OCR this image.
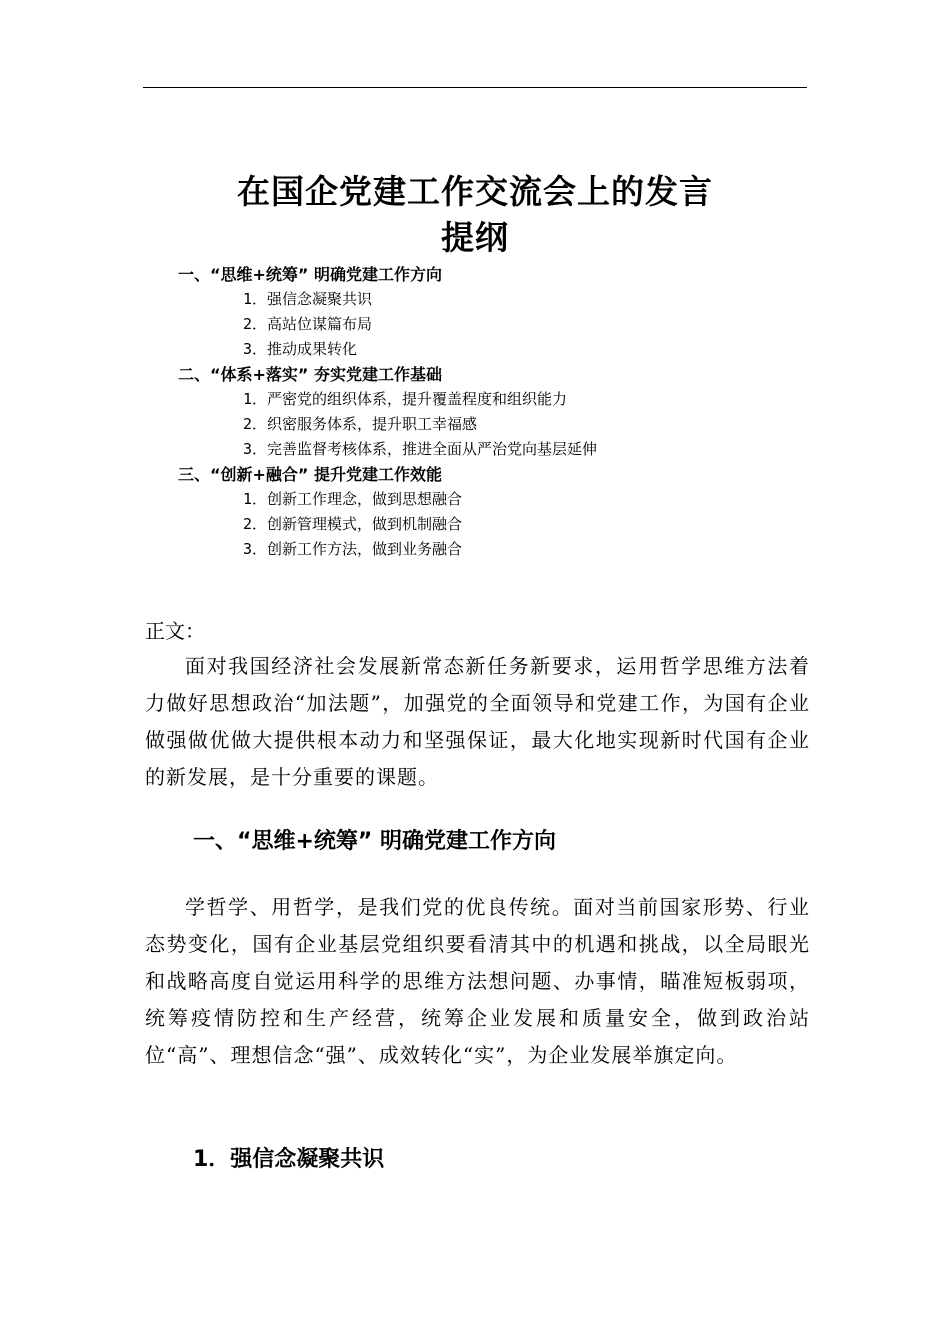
在国企党建工作交流会上的发言
提纲
一、“思维+统筹” 明确党建工作方向
1．强信念凝聚共识
2．高站位谋篇布局
3．推动成果转化
二、“体系+落实” 夯实党建工作基础
1．严密党的组织体系，提升覆盖程度和组织能力
2．织密服务体系，提升职工幸福感
3．完善监督考核体系，推进全面从严治党向基层延伸
三、“创新+融合” 提升党建工作效能
1．创新工作理念，做到思想融合
2．创新管理模式，做到机制融合
3．创新工作方法，做到业务融合
正文：

面对我国经济社会发展新常态新任务新要求，运用哲学思维方法着力做好思想政治“加法题”，加强党的全面领导和党建工作，为国有企业做强做优做大提供根本动力和坚强保证，最大化地实现新时代国有企业的新发展，是十分重要的课题。

一、“思维+统筹” 明确党建工作方向

学哲学、用哲学，是我们党的优良传统。面对当前国家形势、行业态势变化，国有企业基层党组织要看清其中的机遇和挑战，以全局眼光和战略高度自觉运用科学的思维方法想问题、办事情，瞄准短板弱项，统筹疫情防控和生产经营，统筹企业发展和质量安全，做到政治站位“高”、理想信念“强”、成效转化“实”，为企业发展举旗定向。

1．强信念凝聚共识
